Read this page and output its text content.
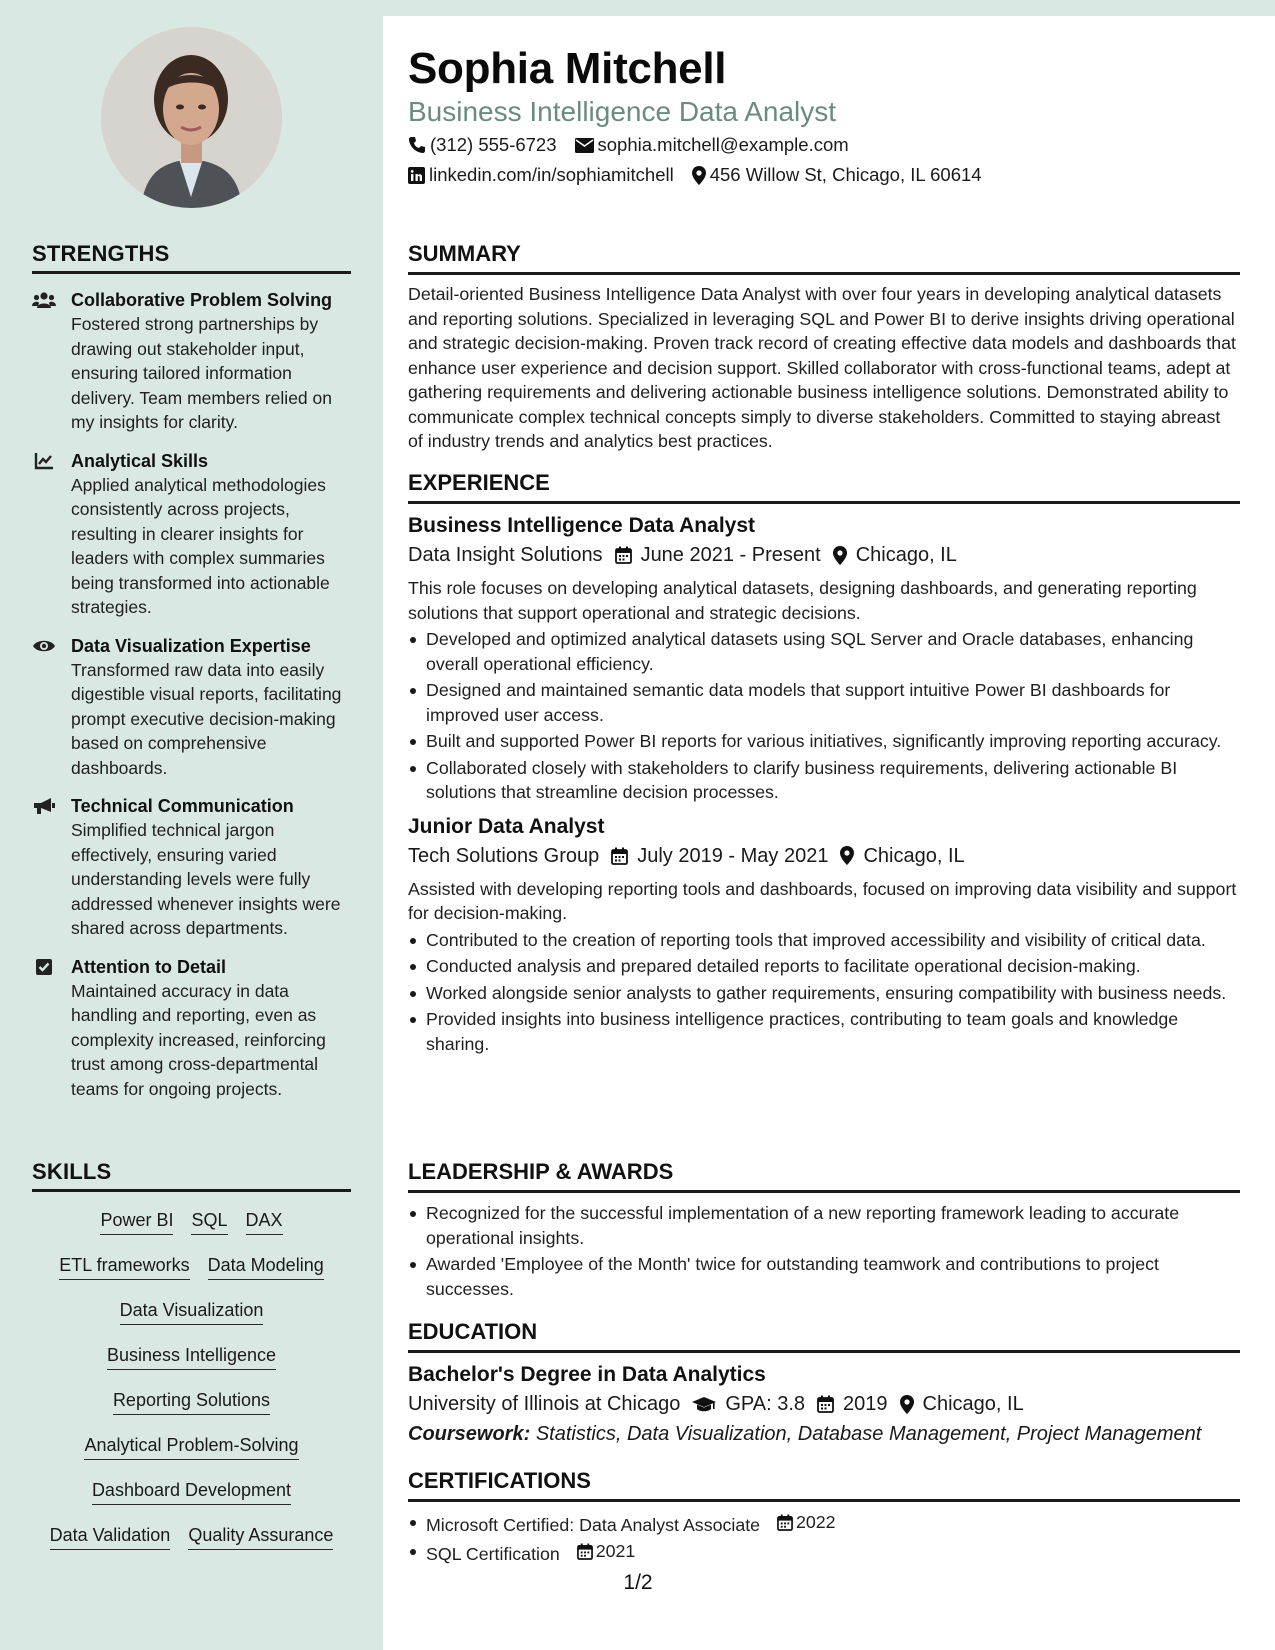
STRENGTHS
Collaborative Problem Solving
Fostered strong partnerships by drawing out stakeholder input, ensuring tailored information delivery. Team members relied on my insights for clarity.
Analytical Skills
Applied analytical methodologies consistently across projects, resulting in clearer insights for leaders with complex summaries being transformed into actionable strategies.
Data Visualization Expertise
Transformed raw data into easily digestible visual reports, facilitating prompt executive decision-making based on comprehensive dashboards.
Technical Communication
Simplified technical jargon effectively, ensuring varied understanding levels were fully addressed whenever insights were shared across departments.
Attention to Detail
Maintained accuracy in data handling and reporting, even as complexity increased, reinforcing trust among cross-departmental teams for ongoing projects.
SKILLS
Power BI SQL DAX
ETL frameworks Data Modeling
Data Visualization
Business Intelligence
Reporting Solutions
Analytical Problem-Solving
Dashboard Development
Data Validation Quality Assurance
Sophia Mitchell
Business Intelligence Data Analyst
(312) 555-6723 sophia.mitchell@example.com
linkedin.com/in/sophiamitchell 456 Willow St, Chicago, IL 60614
SUMMARY
Detail-oriented Business Intelligence Data Analyst with over four years in developing analytical datasets and reporting solutions. Specialized in leveraging SQL and Power BI to derive insights driving operational and strategic decision-making. Proven track record of creating effective data models and dashboards that enhance user experience and decision support. Skilled collaborator with cross-functional teams, adept at gathering requirements and delivering actionable business intelligence solutions. Demonstrated ability to communicate complex technical concepts simply to diverse stakeholders. Committed to staying abreast of industry trends and analytics best practices.
EXPERIENCE
Business Intelligence Data Analyst
Data Insight Solutions June 2021 - Present Chicago, IL
This role focuses on developing analytical datasets, designing dashboards, and generating reporting solutions that support operational and strategic decisions.
Developed and optimized analytical datasets using SQL Server and Oracle databases, enhancing overall operational efficiency.
Designed and maintained semantic data models that support intuitive Power BI dashboards for improved user access.
Built and supported Power BI reports for various initiatives, significantly improving reporting accuracy.
Collaborated closely with stakeholders to clarify business requirements, delivering actionable BI solutions that streamline decision processes.
Junior Data Analyst
Tech Solutions Group July 2019 - May 2021 Chicago, IL
Assisted with developing reporting tools and dashboards, focused on improving data visibility and support for decision-making.
Contributed to the creation of reporting tools that improved accessibility and visibility of critical data.
Conducted analysis and prepared detailed reports to facilitate operational decision-making.
Worked alongside senior analysts to gather requirements, ensuring compatibility with business needs.
Provided insights into business intelligence practices, contributing to team goals and knowledge sharing.
LEADERSHIP & AWARDS
Recognized for the successful implementation of a new reporting framework leading to accurate operational insights.
Awarded 'Employee of the Month' twice for outstanding teamwork and contributions to project successes.
EDUCATION
Bachelor's Degree in Data Analytics
University of Illinois at Chicago GPA: 3.8 2019 Chicago, IL
Coursework: Statistics, Data Visualization, Database Management, Project Management
CERTIFICATIONS
Microsoft Certified: Data Analyst Associate 2022
SQL Certification 2021
1/2
